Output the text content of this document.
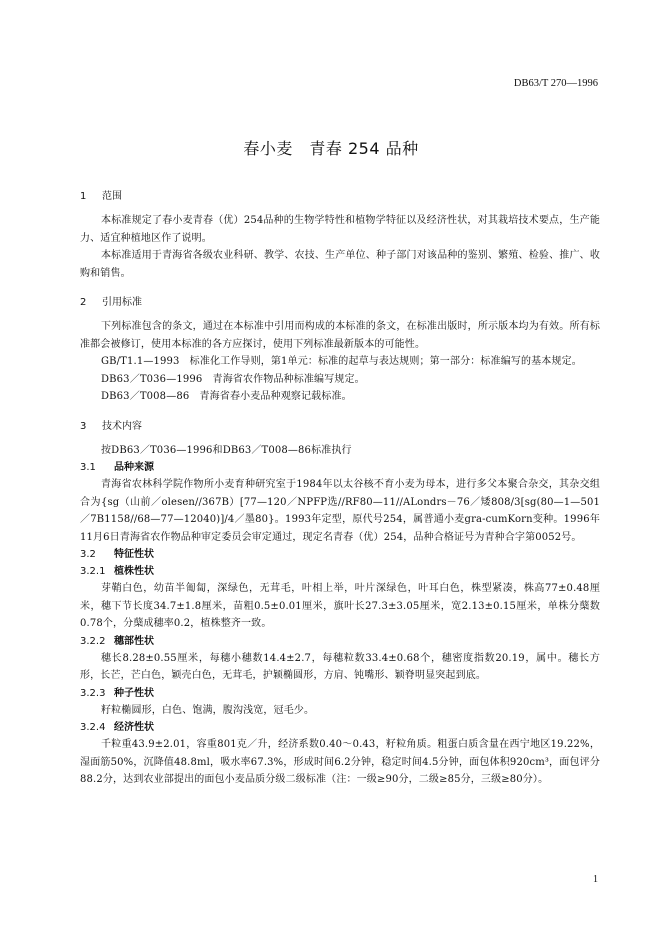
DB63/T 270—1996
春小麦　青春 254 品种
1 范围

本标准规定了春小麦青春（优）254品种的生物学特性和植物学特征以及经济性状，对其栽培技术要点，生产能力、适宜种植地区作了说明。

本标准适用于青海省各级农业科研、教学、农技、生产单位、种子部门对该品种的鉴别、繁殖、检验、推广、收购和销售。

2 引用标准

下列标准包含的条文，通过在本标准中引用而构成的本标准的条文，在标准出版时，所示版本均为有效。所有标准都会被修订，使用本标准的各方应探讨，使用下列标准最新版本的可能性。

GB/T1.1—1993　标准化工作导则，第1单元：标准的起草与表达规则；第一部分：标准编写的基本规定。

DB63／T036—1996　青海省农作物品种标准编写规定。

DB63／T008—86　青海省春小麦品种观察记载标准。

3 技术内容

按DB63／T036—1996和DB63／T008—86标准执行

3.1 品种来源

青海省农林科学院作物所小麦育种研究室于1984年以太谷核不育小麦为母本，进行多父本聚合杂交，其杂交组合为{sg（山前／olesen//367B）[77—120／NPFP选//RF80—11//ALondrs－76／矮808/3[sg(80—1—501／7B1158//68—77—12040)]/4／墨80}。1993年定型，原代号254，属普通小麦gra-cumKorn变种。1996年11月6日青海省农作物品种审定委员会审定通过，现定名青春（优）254，品种合格证号为青种合字第0052号。

3.2 特征性状
3.2.1 植株性状

芽鞘白色，幼苗半匍匐，深绿色，无茸毛，叶相上举，叶片深绿色，叶耳白色，株型紧凑，株高77±0.48厘米，穗下节长度34.7±1.8厘米，苗粗0.5±0.01厘米，旗叶长27.3±3.05厘米，宽2.13±0.15厘米，单株分蘖数0.78个，分蘖成穗率0.2，植株整齐一致。

3.2.2 穗部性状

穗长8.28±0.55厘米，每穗小穗数14.4±2.7，每穗粒数33.4±0.68个，穗密度指数20.19，属中。穗长方形，长芒，芒白色，颖壳白色，无茸毛，护颖椭圆形，方肩、钝嘴形、颖脊明显突起到底。

3.2.3 种子性状

籽粒椭圆形，白色、饱满，腹沟浅宽，冠毛少。

3.2.4 经济性状

千粒重43.9±2.01，容重801克／升，经济系数0.40～0.43，籽粒角质。粗蛋白质含量在西宁地区19.22%，湿面筋50%，沉降值48.8ml，吸水率67.3%，形成时间6.2分钟，稳定时间4.5分钟，面包体积920cm³，面包评分88.2分，达到农业部提出的面包小麦品质分级二级标准（注：一级≥90分，二级≥85分，三级≥80分）。

1
